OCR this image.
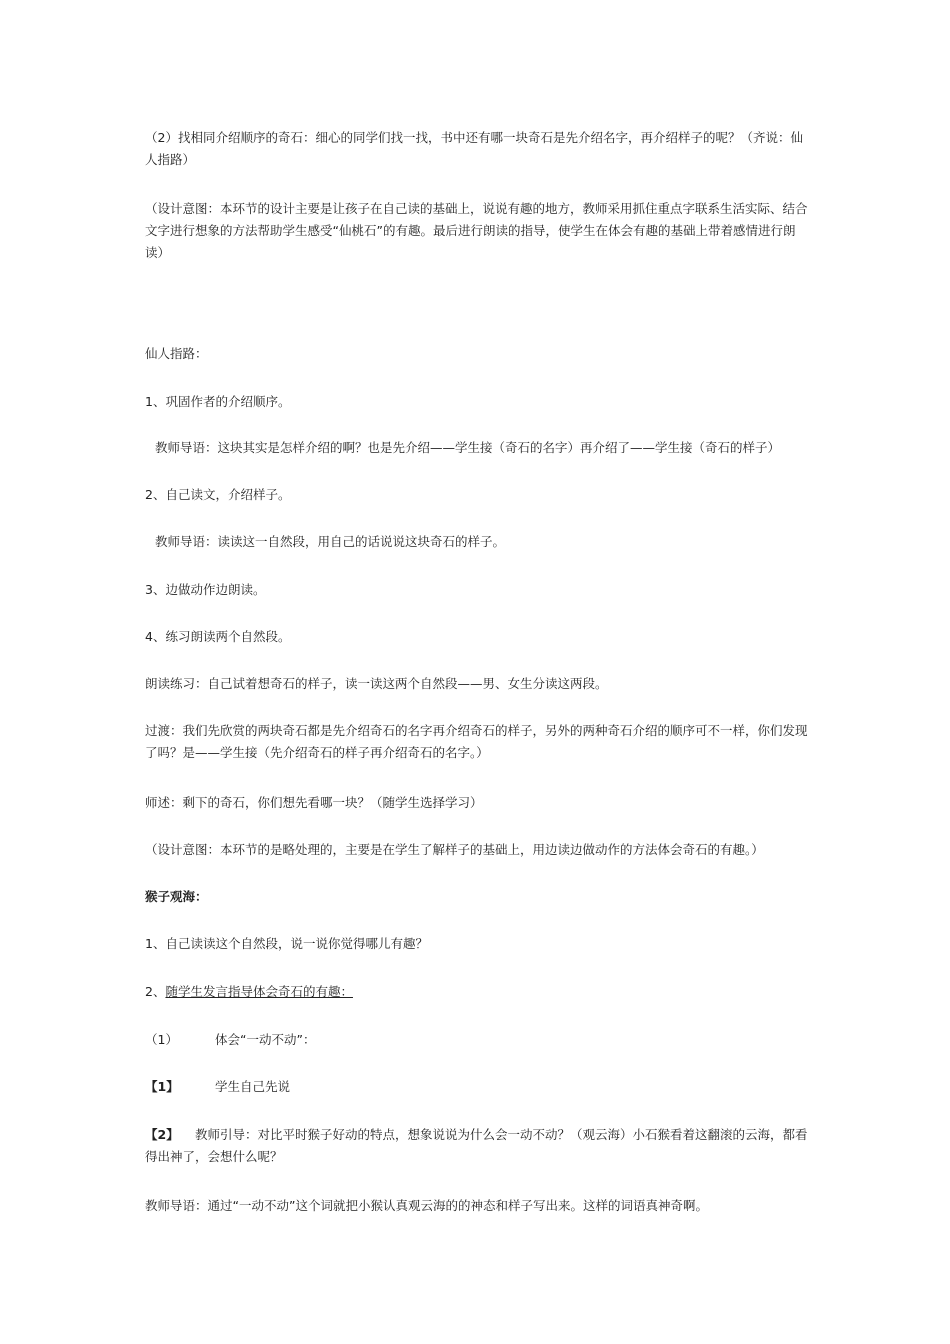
（2）找相同介绍顺序的奇石：细心的同学们找一找，书中还有哪一块奇石是先介绍名字，再介绍样子的呢？（齐说：仙人指路）

（设计意图：本环节的设计主要是让孩子在自己读的基础上，说说有趣的地方，教师采用抓住重点字联系生活实际、结合文字进行想象的方法帮助学生感受“仙桃石”的有趣。最后进行朗读的指导，使学生在体会有趣的基础上带着感情进行朗读）

仙人指路：

1、巩固作者的介绍顺序。

教师导语：这块其实是怎样介绍的啊？也是先介绍——学生接（奇石的名字）再介绍了——学生接（奇石的样子）

2、自己读文，介绍样子。

教师导语：读读这一自然段，用自己的话说说这块奇石的样子。

3、边做动作边朗读。

4、练习朗读两个自然段。

朗读练习：自己试着想奇石的样子，读一读这两个自然段——男、女生分读这两段。

过渡：我们先欣赏的两块奇石都是先介绍奇石的名字再介绍奇石的样子，另外的两种奇石介绍的顺序可不一样，你们发现了吗？是——学生接（先介绍奇石的样子再介绍奇石的名字。）

师述：剩下的奇石，你们想先看哪一块？（随学生选择学习）

（设计意图：本环节的是略处理的，主要是在学生了解样子的基础上，用边读边做动作的方法体会奇石的有趣。）

猴子观海：

1、自己读读这个自然段，说一说你觉得哪儿有趣？

2、随学生发言指导体会奇石的有趣：

（1）	体会“一动不动”：

【1】	学生自己先说

【2】 教师引导：对比平时猴子好动的特点，想象说说为什么会一动不动？（观云海）小石猴看着这翻滚的云海，都看得出神了，会想什么呢？

教师导语：通过“一动不动”这个词就把小猴认真观云海的的神态和样子写出来。这样的词语真神奇啊。
